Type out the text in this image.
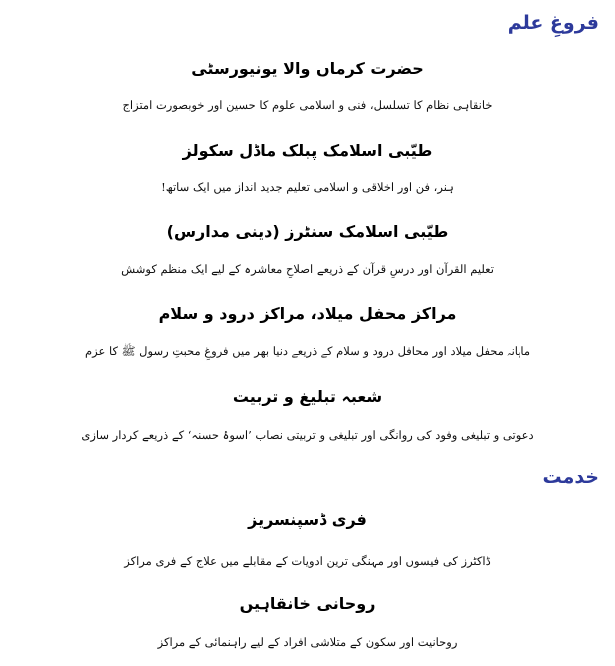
فروغِ علم
حضرت کرماں والا یونیورسٹی
خانقاہی نظام کا تسلسل، فنی و اسلامی علوم کا حسین اور خوبصورت امتزاج
طیّبی اسلامک پبلک ماڈل سکولز
ہنر، فن اور اخلاقی و اسلامی تعلیم جدید انداز میں ایک ساتھ!
طیّبی اسلامک سنٹرز (دینی مدارس)
تعلیم القرآن اور درسِ قرآن کے ذریعے اصلاحِ معاشرہ کے لیے ایک منظم کوشش
مراکز محفل میلاد، مراکز درود و سلام
ماہانہ محفل میلاد اور محافل درود و سلام کے ذریعے دنیا بھر میں فروغِ محبتِ رسول ﷺ کا عزم
شعبہ تبلیغ و تربیت
دعوتی و تبلیغی وفود کی روانگی اور تبلیغی و تربیتی نصاب ’اسوۂ حسنہ‘ کے ذریعے کردار سازی
خدمت
فری ڈسپنسریز
ڈاکٹرز کی فیسوں اور مہنگی ترین ادویات کے مقابلے میں علاج کے فری مراکز
روحانی خانقاہیں
روحانیت اور سکون کے متلاشی افراد کے لیے راہنمائی کے مراکز
